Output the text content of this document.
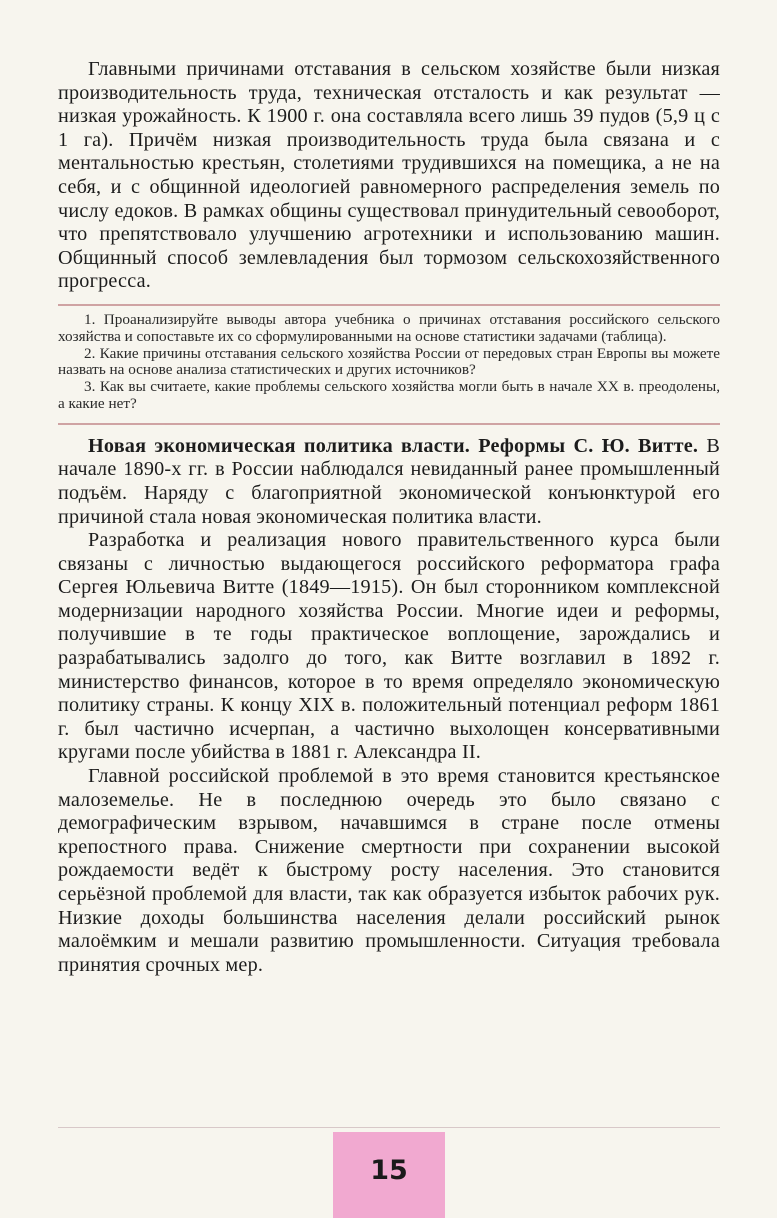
Главными причинами отставания в сельском хозяйстве были низкая производительность труда, техническая отсталость и как результат — низкая урожайность. К 1900 г. она составляла всего лишь 39 пудов (5,9 ц с 1 га). Причём низкая производительность труда была связана и с ментальностью крестьян, столетиями трудившихся на помещика, а не на себя, и с общинной идеологией равномерного распределения земель по числу едоков. В рамках общины существовал принудительный севооборот, что препятствовало улучшению агротехники и использованию машин. Общинный способ землевладения был тормозом сельскохозяйственного прогресса.

1. Проанализируйте выводы автора учебника о причинах отставания российского сельского хозяйства и сопоставьте их со сформулированными на основе статистики задачами (таблица).

2. Какие причины отставания сельского хозяйства России от передовых стран Европы вы можете назвать на основе анализа статистических и других источников?

3. Как вы считаете, какие проблемы сельского хозяйства могли быть в начале XX в. преодолены, а какие нет?

Новая экономическая политика власти. Реформы С. Ю. Витте. В начале 1890-х гг. в России наблюдался невиданный ранее промышленный подъём. Наряду с благоприятной экономической конъюнктурой его причиной стала новая экономическая политика власти.

Разработка и реализация нового правительственного курса были связаны с личностью выдающегося российского реформатора графа Сергея Юльевича Витте (1849—1915). Он был сторонником комплексной модернизации народного хозяйства России. Многие идеи и реформы, получившие в те годы практическое воплощение, зарождались и разрабатывались задолго до того, как Витте возглавил в 1892 г. министерство финансов, которое в то время определяло экономическую политику страны. К концу XIX в. положительный потенциал реформ 1861 г. был частично исчерпан, а частично выхолощен консервативными кругами после убийства в 1881 г. Александра II.

Главной российской проблемой в это время становится крестьянское малоземелье. Не в последнюю очередь это было связано с демографическим взрывом, начавшимся в стране после отмены крепостного права. Снижение смертности при сохранении высокой рождаемости ведёт к быстрому росту населения. Это становится серьёзной проблемой для власти, так как образуется избыток рабочих рук. Низкие доходы большинства населения делали российский рынок малоёмким и мешали развитию промышленности. Ситуация требовала принятия срочных мер.

15
